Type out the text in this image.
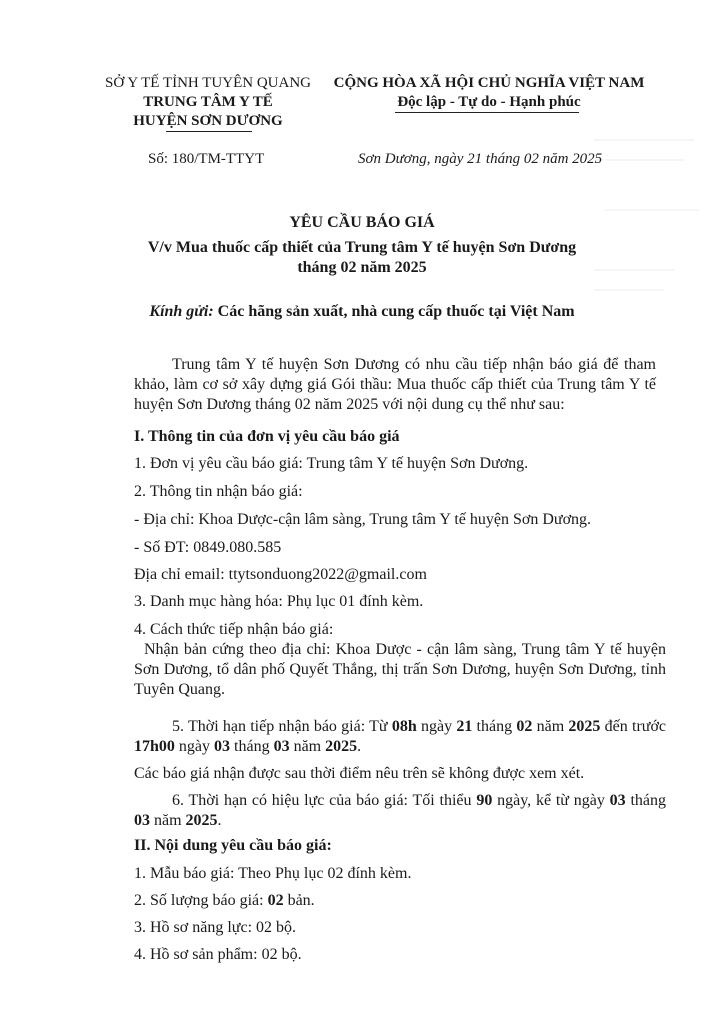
SỞ Y TẾ TỈNH TUYÊN QUANG
TRUNG TÂM Y TẾ
HUYỆN SƠN DƯƠNG
CỘNG HÒA XÃ HỘI CHỦ NGHĨA VIỆT NAM
Độc lập - Tự do - Hạnh phúc
Số: 180/TM-TTYT	Sơn Dương, ngày 21 tháng 02 năm 2025
YÊU CẦU BÁO GIÁ
V/v Mua thuốc cấp thiết của Trung tâm Y tế huyện Sơn Dương
tháng 02 năm 2025
Kính gửi: Các hãng sản xuất, nhà cung cấp thuốc tại Việt Nam

Trung tâm Y tế huyện Sơn Dương có nhu cầu tiếp nhận báo giá để tham khảo, làm cơ sở xây dựng giá Gói thầu: Mua thuốc cấp thiết của Trung tâm Y tế huyện Sơn Dương tháng 02 năm 2025 với nội dung cụ thể như sau:

I. Thông tin của đơn vị yêu cầu báo giá

1. Đơn vị yêu cầu báo giá: Trung tâm Y tế huyện Sơn Dương.

2. Thông tin nhận báo giá:

- Địa chỉ: Khoa Dược-cận lâm sàng, Trung tâm Y tế huyện Sơn Dương.

- Số ĐT: 0849.080.585

Địa chỉ email: ttytsonduong2022@gmail.com

3. Danh mục hàng hóa: Phụ lục 01 đính kèm.

4. Cách thức tiếp nhận báo giá:

Nhận bản cứng theo địa chỉ: Khoa Dược - cận lâm sàng, Trung tâm Y tế huyện Sơn Dương, tổ dân phố Quyết Thắng, thị trấn Sơn Dương, huyện Sơn Dương, tỉnh Tuyên Quang.

5. Thời hạn tiếp nhận báo giá: Từ 08h ngày 21 tháng 02 năm 2025 đến trước 17h00 ngày 03 tháng 03 năm 2025.

Các báo giá nhận được sau thời điểm nêu trên sẽ không được xem xét.

6. Thời hạn có hiệu lực của báo giá: Tối thiểu 90 ngày, kể từ ngày 03 tháng 03 năm 2025.

II. Nội dung yêu cầu báo giá:

1. Mẫu báo giá: Theo Phụ lục 02 đính kèm.

2. Số lượng báo giá: 02 bản.

3. Hồ sơ năng lực: 02 bộ.

4. Hồ sơ sản phẩm: 02 bộ.
